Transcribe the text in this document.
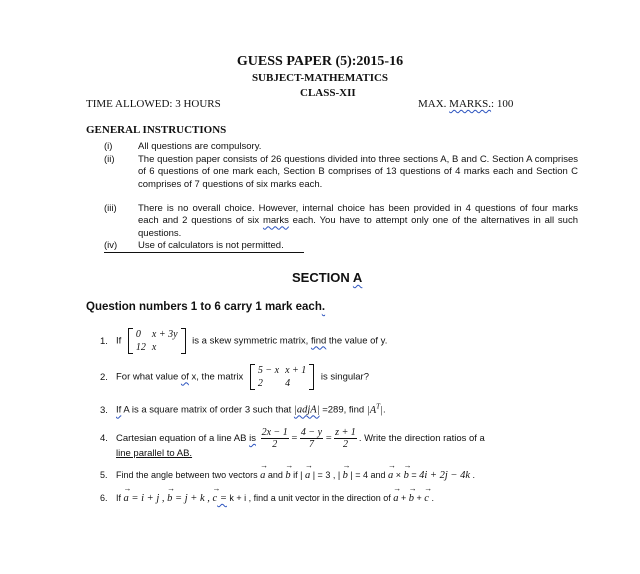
GUESS PAPER (5):2015-16
SUBJECT-MATHEMATICS
CLASS-XII
TIME ALLOWED: 3 HOURS	MAX. MARKS.: 100
GENERAL INSTRUCTIONS
(i)	All questions are compulsory.
(ii) The question paper consists of 26 questions divided into three sections A, B and C. Section A comprises of 6 questions of one mark each, Section B comprises of 13 questions of 4 marks each and Section C comprises of 7 questions of six marks each.
(iii) There is no overall choice. However, internal choice has been provided in 4 questions of four marks each and 2 questions of six marks each. You have to attempt only one of the alternatives in all such questions.
(iv) Use of calculators is not permitted.
SECTION A
Question numbers 1 to 6 carry 1 mark each.
1. If
0	x + 3y
12	x
is a skew symmetric matrix, find the value of y.
2. For what value of x, the matrix
5 − x	x + 1
2	4
is singular?
3. If A is a square matrix of order 3 such that |adjA| =289, find $|A^T|$.
4. Cartesian equation of a line AB is $\frac{2x - 1}{2} = \frac{4 - y}{7} = \frac{z + 1}{2}$ . Write the direction ratios of a
line parallel to AB.
5. Find the angle between two vectors → a and → b if | → a | = 3 , | → b | = 4 and → a × → b = 4i + 2j − 4k .
6. If → a = i + j , → b = j + k , → c = k + i , find a unit vector in the direction of → a + → b + → c .
